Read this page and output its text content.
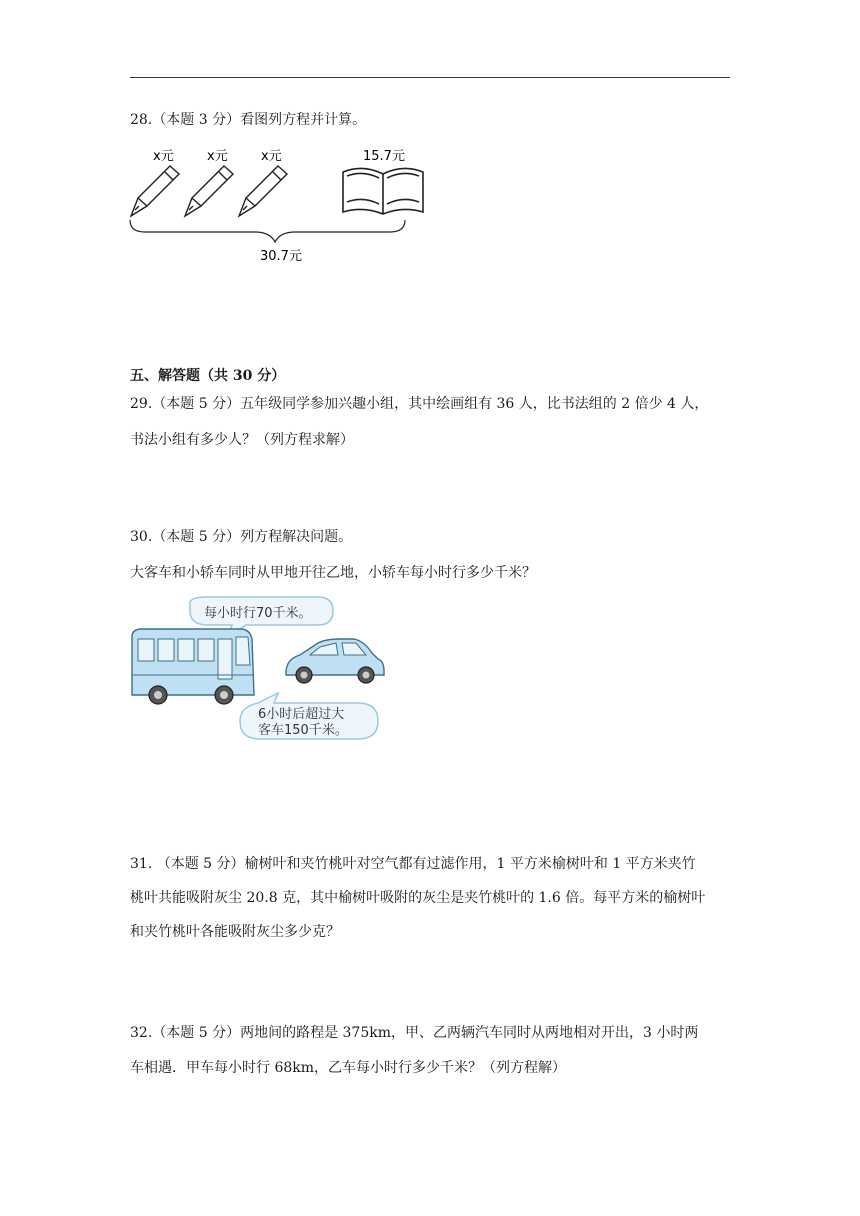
28.（本题 3 分）看图列方程并计算。
x元	x元	x元	15.7元
30.7元
五、解答题（共 30 分）
29.（本题 5 分）五年级同学参加兴趣小组，其中绘画组有 36 人，比书法组的 2 倍少 4 人，
书法小组有多少人？（列方程求解）
30.（本题 5 分）列方程解决问题。
大客车和小轿车同时从甲地开往乙地，小轿车每小时行多少千米？
每小时行70千米。
6小时后超过大
客车150千米。
31. （本题 5 分）榆树叶和夹竹桃叶对空气都有过滤作用，1 平方米榆树叶和 1 平方米夹竹
桃叶共能吸附灰尘 20.8 克，其中榆树叶吸附的灰尘是夹竹桃叶的 1.6 倍。每平方米的榆树叶
和夹竹桃叶各能吸附灰尘多少克？
32.（本题 5 分）两地间的路程是 375km，甲、乙两辆汽车同时从两地相对开出，3 小时两
车相遇．甲车每小时行 68km，乙车每小时行多少千米？（列方程解）
